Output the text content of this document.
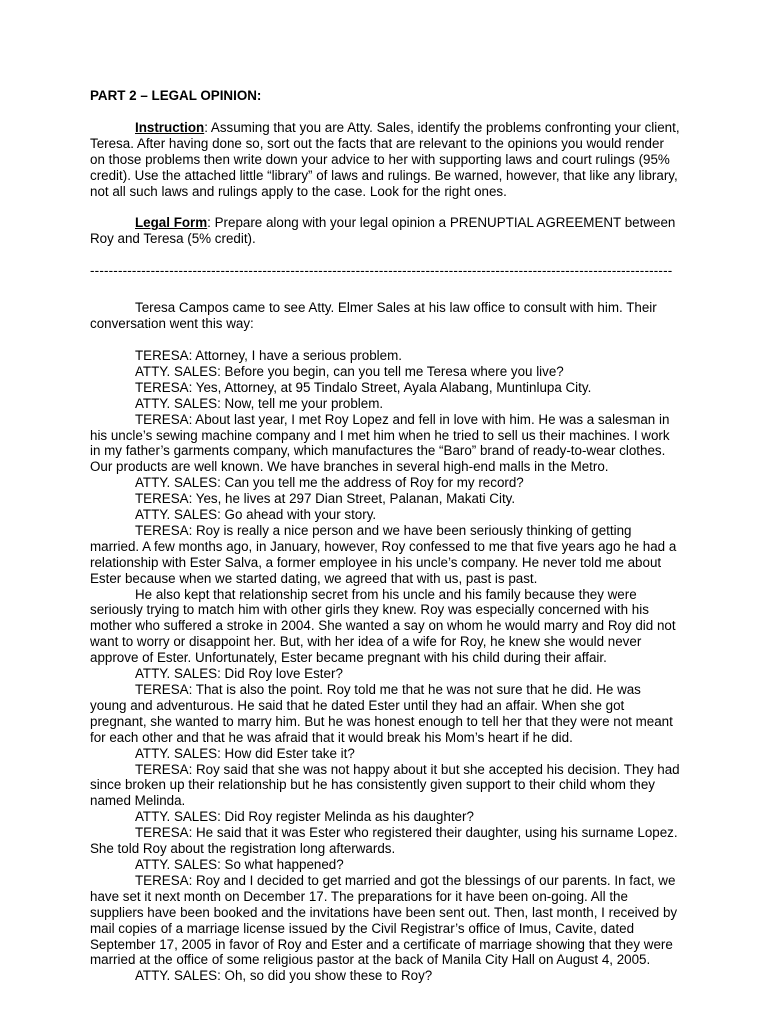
PART 2 – LEGAL OPINION:

Instruction: Assuming that you are Atty. Sales, identify the problems confronting your client, Teresa. After having done so, sort out the facts that are relevant to the opinions you would render on those problems then write down your advice to her with supporting laws and court rulings (95% credit). Use the attached little “library” of laws and rulings. Be warned, however, that like any library, not all such laws and rulings apply to the case. Look for the right ones.

Legal Form: Prepare along with your legal opinion a PRENUPTIAL AGREEMENT between Roy and Teresa (5% credit).

-----------------------------------------------------------------------------------------------------------------------------

Teresa Campos came to see Atty. Elmer Sales at his law office to consult with him. Their conversation went this way:

TERESA: Attorney, I have a serious problem.

ATTY. SALES: Before you begin, can you tell me Teresa where you live?

TERESA: Yes, Attorney, at 95 Tindalo Street, Ayala Alabang, Muntinlupa City.

ATTY. SALES: Now, tell me your problem.

TERESA: About last year, I met Roy Lopez and fell in love with him. He was a salesman in his uncle’s sewing machine company and I met him when he tried to sell us their machines. I work in my father’s garments company, which manufactures the “Baro” brand of ready-to-wear clothes. Our products are well known. We have branches in several high-end malls in the Metro.

ATTY. SALES: Can you tell me the address of Roy for my record?

TERESA: Yes, he lives at 297 Dian Street, Palanan, Makati City.

ATTY. SALES: Go ahead with your story.

TERESA: Roy is really a nice person and we have been seriously thinking of getting married. A few months ago, in January, however, Roy confessed to me that five years ago he had a relationship with Ester Salva, a former employee in his uncle’s company. He never told me about Ester because when we started dating, we agreed that with us, past is past.

He also kept that relationship secret from his uncle and his family because they were seriously trying to match him with other girls they knew. Roy was especially concerned with his mother who suffered a stroke in 2004. She wanted a say on whom he would marry and Roy did not want to worry or disappoint her. But, with her idea of a wife for Roy, he knew she would never approve of Ester. Unfortunately, Ester became pregnant with his child during their affair.

ATTY. SALES: Did Roy love Ester?

TERESA: That is also the point. Roy told me that he was not sure that he did. He was young and adventurous. He said that he dated Ester until they had an affair. When she got pregnant, she wanted to marry him. But he was honest enough to tell her that they were not meant for each other and that he was afraid that it would break his Mom’s heart if he did.

ATTY. SALES: How did Ester take it?

TERESA: Roy said that she was not happy about it but she accepted his decision. They had since broken up their relationship but he has consistently given support to their child whom they named Melinda.

ATTY. SALES: Did Roy register Melinda as his daughter?

TERESA: He said that it was Ester who registered their daughter, using his surname Lopez. She told Roy about the registration long afterwards.

ATTY. SALES: So what happened?

TERESA: Roy and I decided to get married and got the blessings of our parents. In fact, we have set it next month on December 17. The preparations for it have been on-going. All the suppliers have been booked and the invitations have been sent out. Then, last month, I received by mail copies of a marriage license issued by the Civil Registrar’s office of Imus, Cavite, dated September 17, 2005 in favor of Roy and Ester and a certificate of marriage showing that they were married at the office of some religious pastor at the back of Manila City Hall on August 4, 2005.

ATTY. SALES: Oh, so did you show these to Roy?
